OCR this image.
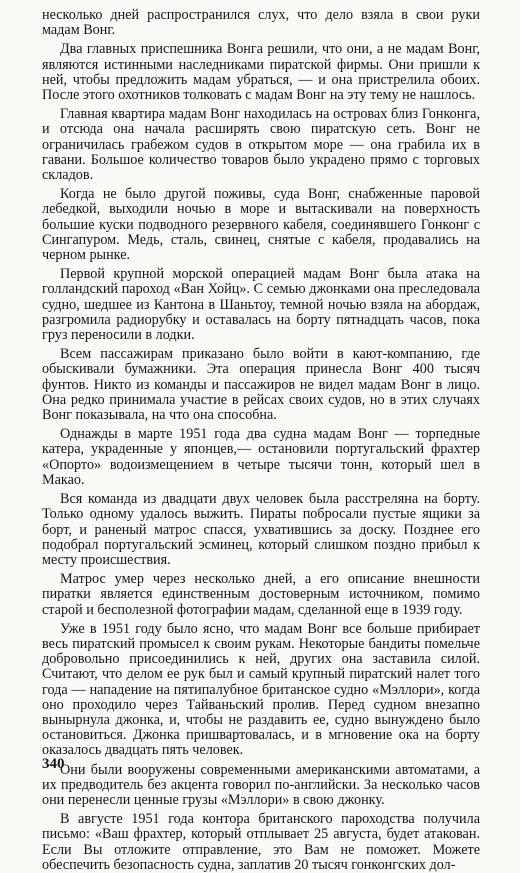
несколько дней распространился слух, что дело взяла в свои руки мадам Вонг.

Два главных приспешника Вонга решили, что они, а не мадам Вонг, являются истинными наследниками пиратской фирмы. Они пришли к ней, чтобы предложить мадам убраться, — и она пристрелила обоих. После этого охотников толковать с мадам Вонг на эту тему не нашлось.

Главная квартира мадам Вонг находилась на островах близ Гонконга, и отсюда она начала расширять свою пиратскую сеть. Вонг не ограничилась грабежом судов в открытом море — она грабила их в гавани. Большое количество товаров было украдено прямо с торговых складов.

Когда не было другой поживы, суда Вонг, снабженные паровой лебедкой, выходили ночью в море и вытаскивали на поверхность большие куски подводного резервного кабеля, соединявшего Гонконг с Сингапуром. Медь, сталь, свинец, снятые с кабеля, продавались на черном рынке.

Первой крупной морской операцией мадам Вонг была атака на голландский пароход «Ван Хойц». С семью джонками она преследовала судно, шедшее из Кантона в Шаньтоу, темной ночью взяла на абордаж, разгромила радиорубку и оставалась на борту пятнадцать часов, пока груз переносили в лодки.

Всем пассажирам приказано было войти в кают-компанию, где обыскивали бумажники. Эта операция принесла Вонг 400 тысяч фунтов. Никто из команды и пассажиров не видел мадам Вонг в лицо. Она редко принимала участие в рейсах своих судов, но в этих случаях Вонг показывала, на что она способна.

Однажды в марте 1951 года два судна мадам Вонг — торпедные катера, украденные у японцев,— остановили португальский фрахтер «Опорто» водоизмещением в четыре тысячи тонн, который шел в Макао.

Вся команда из двадцати двух человек была расстреляна на борту. Только одному удалось выжить. Пираты побросали пустые ящики за борт, и раненый матрос спасся, ухватившись за доску. Позднее его подобрал португальский эсминец, который слишком поздно прибыл к месту происшествия.

Матрос умер через несколько дней, а его описание внешности пиратки является единственным достоверным источником, помимо старой и бесполезной фотографии мадам, сделанной еще в 1939 году.

Уже в 1951 году было ясно, что мадам Вонг все больше прибирает весь пиратский промысел к своим рукам. Некоторые бандиты помельче добровольно присоединились к ней, других она заставила силой. Считают, что делом ее рук был и самый крупный пиратский налет того года — нападение на пятипалубное британское судно «Мэллори», когда оно проходило через Тайваньский пролив. Перед судном внезапно вынырнула джонка, и, чтобы не раздавить ее, судно вынуждено было остановиться. Джонка пришвартовалась, и в мгновение ока на борту оказалось двадцать пять человек.

Они были вооружены современными американскими автоматами, а их предводитель без акцента говорил по-английски. За несколько часов они перенесли ценные грузы «Мэллори» в свою джонку.

В августе 1951 года контора британского пароходства получила письмо: «Ваш фрахтер, который отплывает 25 августа, будет атакован. Если Вы отложите отправление, это Вам не поможет. Можете обеспечить безопасность судна, заплатив 20 тысяч гонконгских дол-

340
